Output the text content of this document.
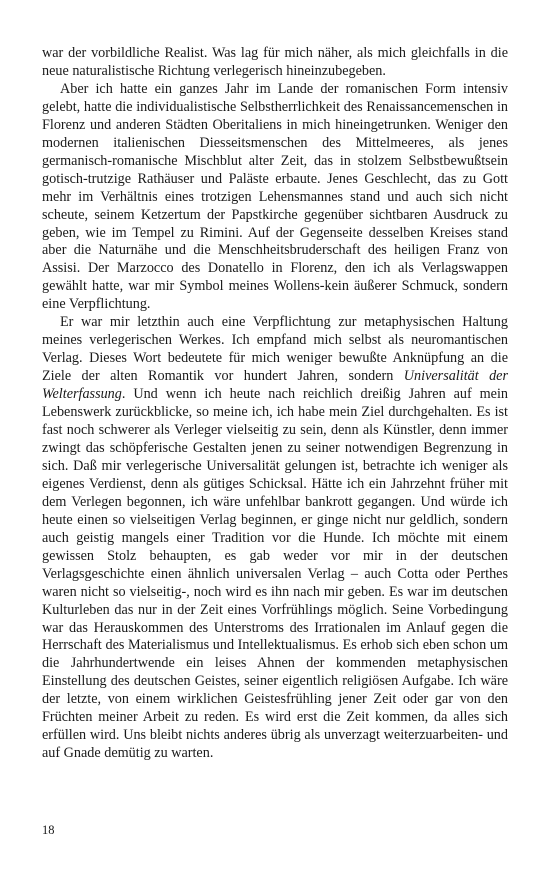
war der vorbildliche Realist. Was lag für mich näher, als mich gleichfalls in die neue naturalistische Richtung verlegerisch hineinzubegeben.

Aber ich hatte ein ganzes Jahr im Lande der romanischen Form intensiv gelebt, hatte die individualistische Selbstherrlichkeit des Renaissancemenschen in Florenz und anderen Städten Oberitaliens in mich hineingetrunken. Weniger den modernen italienischen Diesseitsmenschen des Mittelmeeres, als jenes germanisch-romanische Mischblut alter Zeit, das in stolzem Selbstbewußtsein gotisch-trutzige Rathäuser und Paläste erbaute. Jenes Geschlecht, das zu Gott mehr im Verhältnis eines trotzigen Lehensmannes stand und auch sich nicht scheute, seinem Ketzertum der Papstkirche gegenüber sichtbaren Ausdruck zu geben, wie im Tempel zu Rimini. Auf der Gegenseite desselben Kreises stand aber die Naturnähe und die Menschheitsbruderschaft des heiligen Franz von Assisi. Der Marzocco des Donatello in Florenz, den ich als Verlagswappen gewählt hatte, war mir Symbol meines Wollens-kein äußerer Schmuck, sondern eine Verpflichtung.

Er war mir letzthin auch eine Verpflichtung zur metaphysischen Haltung meines verlegerischen Werkes. Ich empfand mich selbst als neuromantischen Verlag. Dieses Wort bedeutete für mich weniger bewußte Anknüpfung an die Ziele der alten Romantik vor hundert Jahren, sondern Universalität der Welterfassung. Und wenn ich heute nach reichlich dreißig Jahren auf mein Lebenswerk zurückblicke, so meine ich, ich habe mein Ziel durchgehalten. Es ist fast noch schwerer als Verleger vielseitig zu sein, denn als Künstler, denn immer zwingt das schöpferische Gestalten jenen zu seiner notwendigen Begrenzung in sich. Daß mir verlegerische Universalität gelungen ist, betrachte ich weniger als eigenes Verdienst, denn als gütiges Schicksal. Hätte ich ein Jahrzehnt früher mit dem Verlegen begonnen, ich wäre unfehlbar bankrott gegangen. Und würde ich heute einen so vielseitigen Verlag beginnen, er ginge nicht nur geldlich, sondern auch geistig mangels einer Tradition vor die Hunde. Ich möchte mit einem gewissen Stolz behaupten, es gab weder vor mir in der deutschen Verlagsgeschichte einen ähnlich universalen Verlag – auch Cotta oder Perthes waren nicht so vielseitig-, noch wird es ihn nach mir geben. Es war im deutschen Kulturleben das nur in der Zeit eines Vorfrühlings möglich. Seine Vorbedingung war das Herauskommen des Unterstroms des Irrationalen im Anlauf gegen die Herrschaft des Materialismus und Intellektualismus. Es erhob sich eben schon um die Jahrhundertwende ein leises Ahnen der kommenden metaphysischen Einstellung des deutschen Geistes, seiner eigentlich religiösen Aufgabe. Ich wäre der letzte, von einem wirklichen Geistesfrühling jener Zeit oder gar von den Früchten meiner Arbeit zu reden. Es wird erst die Zeit kommen, da alles sich erfüllen wird. Uns bleibt nichts anderes übrig als unverzagt weiterzuarbeiten- und auf Gnade demütig zu warten.

18
